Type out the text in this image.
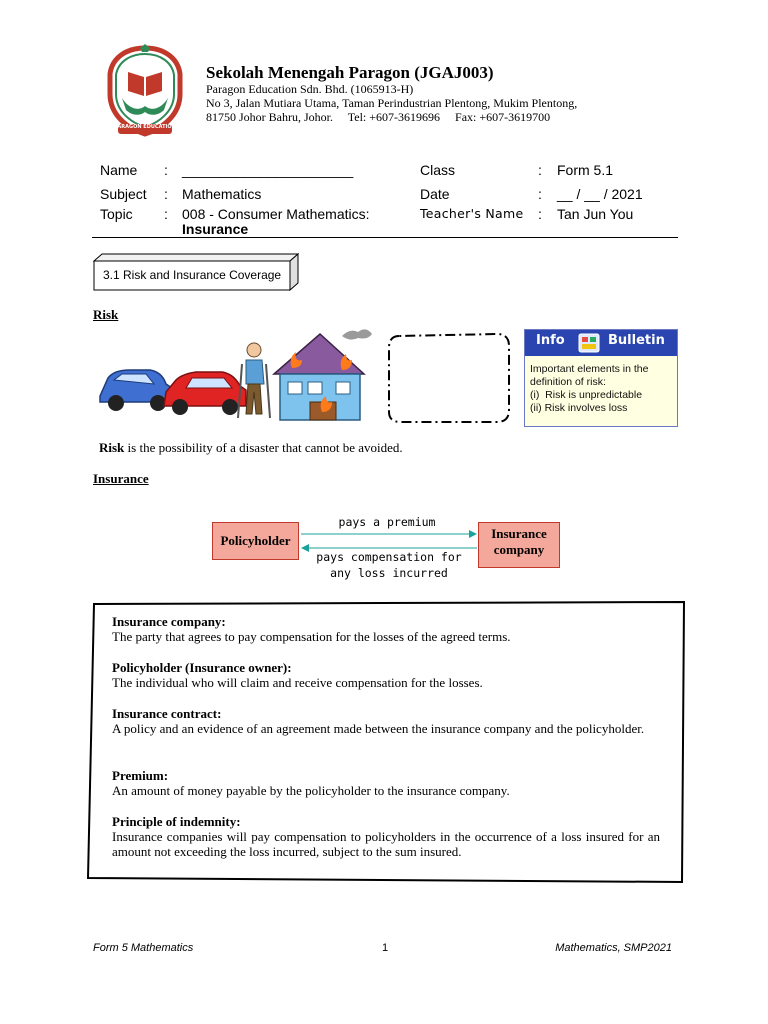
PARAGON EDUCATION
Sekolah Menengah Paragon (JGAJ003)
Paragon Education Sdn. Bhd. (1065913-H)
No 3, Jalan Mutiara Utama, Taman Perindustrian Plentong, Mukim Plentong,
81750 Johor Bahru, Johor.     Tel: +607-3619696     Fax: +607-3619700
Name : ______________________	Class	: Form 5.1
Subject : Mathematics	Date	: __ / __ / 2021
Topic : 008 - Consumer Mathematics:
Insurance
Teacher's Name : Tan Jun You
3.1 Risk and Insurance Coverage
Risk
Info	Bulletin
Important elements in the
definition of risk:
(i)  Risk is unpredictable
(ii) Risk involves loss
Risk is the possibility of a disaster that cannot be avoided.
Insurance
Policyholder	Insurance
company
pays a premium
pays compensation for
any loss incurred
Insurance company:
The party that agrees to pay compensation for the losses of the agreed terms.
Policyholder (Insurance owner):
The individual who will claim and receive compensation for the losses.
Insurance contract:
A policy and an evidence of an agreement made between the insurance company and the policyholder.
Premium:
An amount of money payable by the policyholder to the insurance company.
Principle of indemnity:
Insurance companies will pay compensation to policyholders in the occurrence of a loss insured for an amount not exceeding the loss incurred, subject to the sum insured.
Form 5 Mathematics	1	Mathematics, SMP2021
